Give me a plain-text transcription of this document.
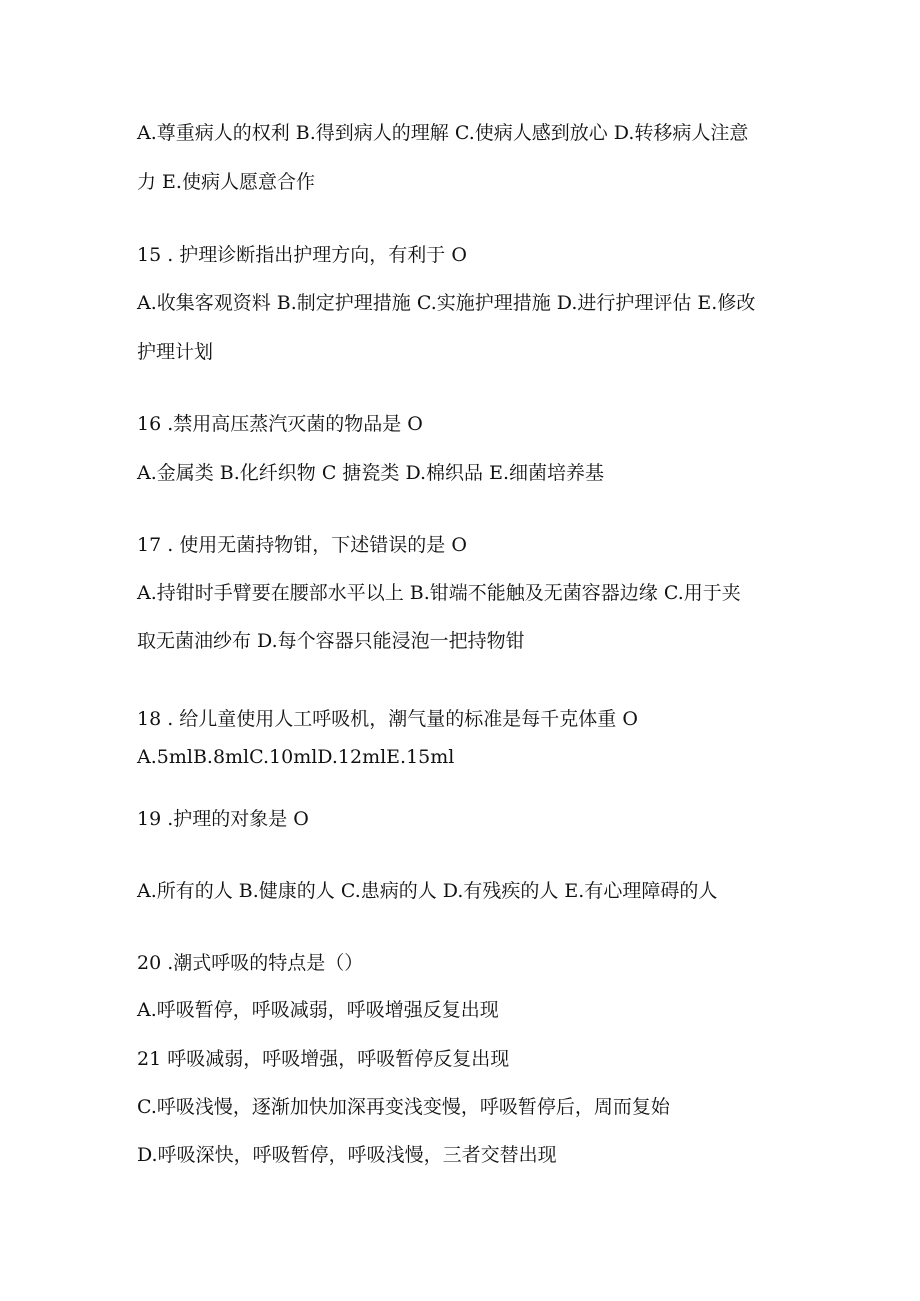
A.尊重病人的权利 B.得到病人的理解 C.使病人感到放心 D.转移病人注意
力 E.使病人愿意合作
15 . 护理诊断指出护理方向，有利于 O
A.收集客观资料 B.制定护理措施 C.实施护理措施 D.进行护理评估 E.修改
护理计划
16 .禁用高压蒸汽灭菌的物品是 O
A.金属类 B.化纤织物 C 搪瓷类 D.棉织品 E.细菌培养基
17 . 使用无菌持物钳，下述错误的是 O
A.持钳时手臂要在腰部水平以上 B.钳端不能触及无菌容器边缘 C.用于夹
取无菌油纱布 D.每个容器只能浸泡一把持物钳
18 . 给儿童使用人工呼吸机，潮气量的标准是每千克体重 O
A.5mlB.8mlC.10mlD.12mlE.15ml
19 .护理的对象是 O
A.所有的人 B.健康的人 C.患病的人 D.有残疾的人 E.有心理障碍的人
20 .潮式呼吸的特点是（）
A.呼吸暂停，呼吸减弱，呼吸增强反复出现
21 呼吸减弱，呼吸增强，呼吸暂停反复出现
C.呼吸浅慢，逐渐加快加深再变浅变慢，呼吸暂停后，周而复始
D.呼吸深快，呼吸暂停，呼吸浅慢，三者交替出现
